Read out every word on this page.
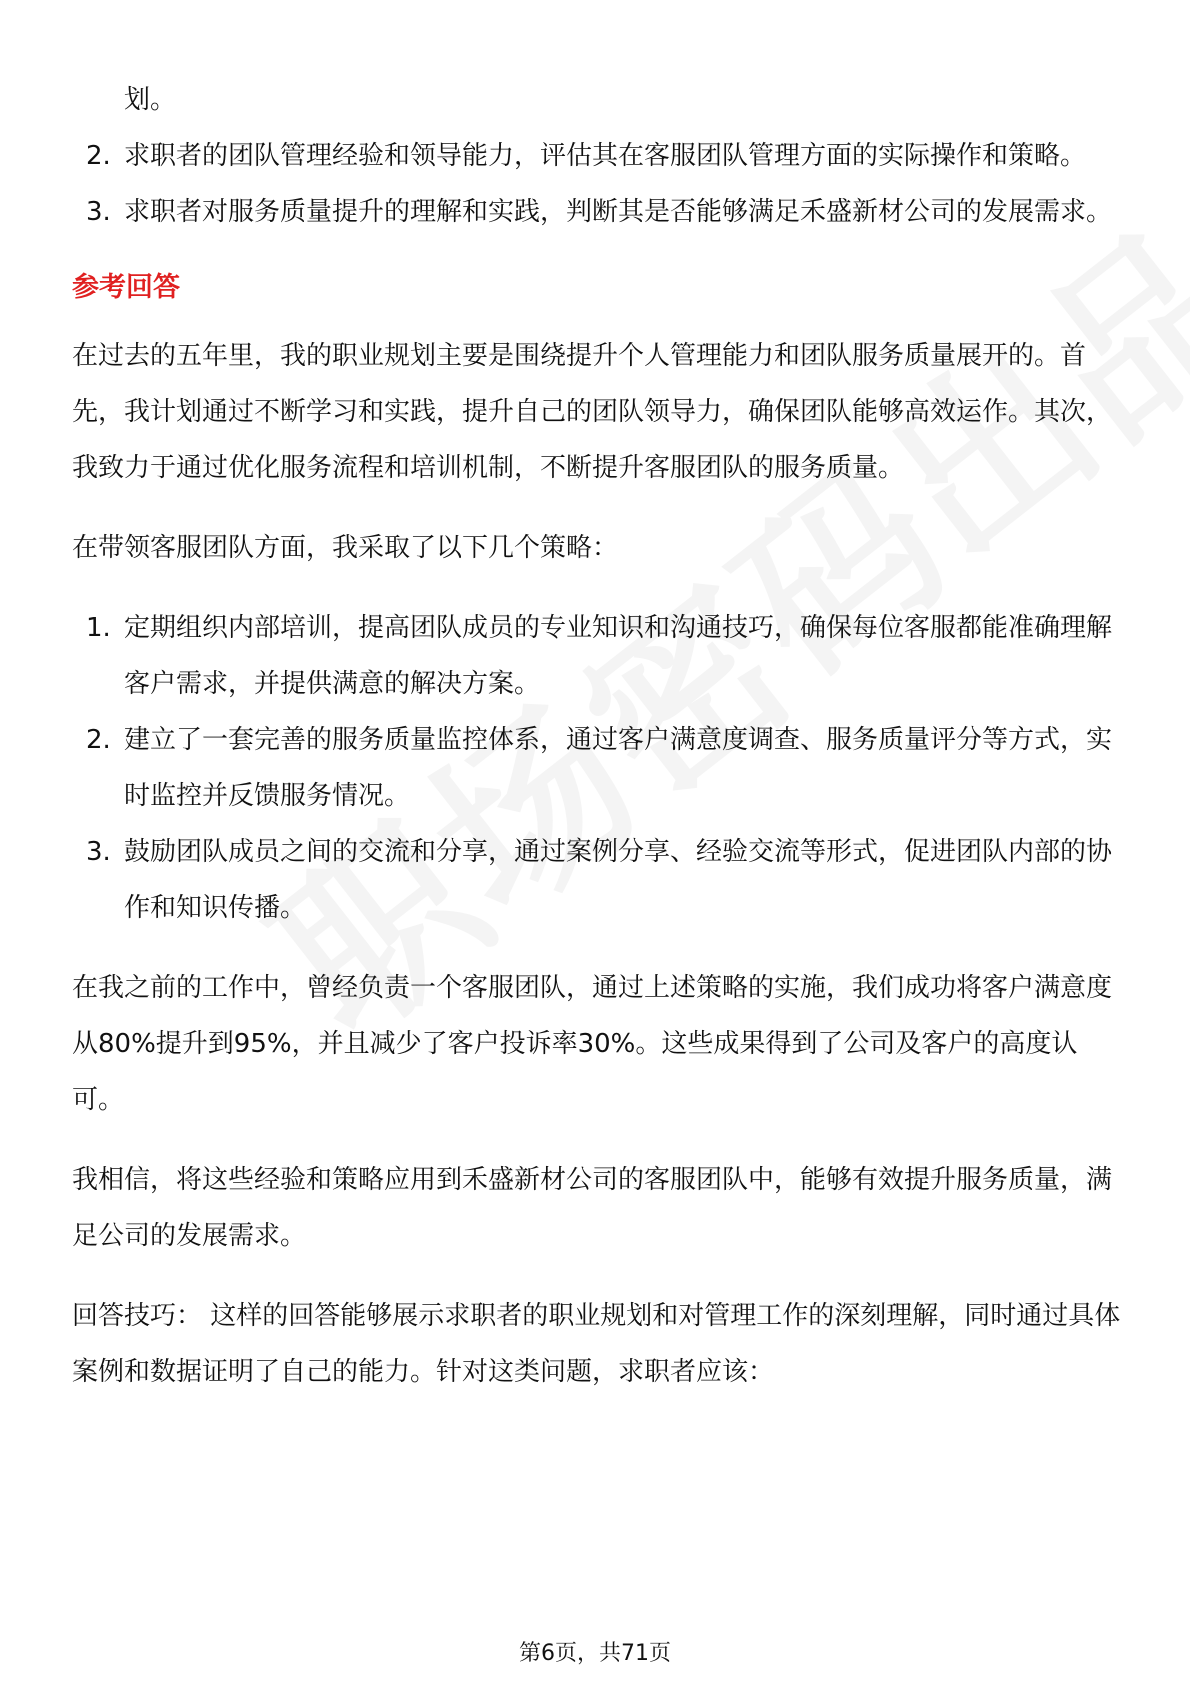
划。

2. 求职者的团队管理经验和领导能力，评估其在客服团队管理方面的实际操作和策略。
3. 求职者对服务质量提升的理解和实践，判断其是否能够满足禾盛新材公司的发展需求。
参考回答

在过去的五年里，我的职业规划主要是围绕提升个人管理能力和团队服务质量展开的。首先，我计划通过不断学习和实践，提升自己的团队领导力，确保团队能够高效运作。其次，我致力于通过优化服务流程和培训机制，不断提升客服团队的服务质量。

在带领客服团队方面，我采取了以下几个策略：

1. 定期组织内部培训，提高团队成员的专业知识和沟通技巧，确保每位客服都能准确理解客户需求，并提供满意的解决方案。
2. 建立了一套完善的服务质量监控体系，通过客户满意度调查、服务质量评分等方式，实时监控并反馈服务情况。
3. 鼓励团队成员之间的交流和分享，通过案例分享、经验交流等形式，促进团队内部的协作和知识传播。

在我之前的工作中，曾经负责一个客服团队，通过上述策略的实施，我们成功将客户满意度从80%提升到95%，并且减少了客户投诉率30%。这些成果得到了公司及客户的高度认可。

我相信，将这些经验和策略应用到禾盛新材公司的客服团队中，能够有效提升服务质量，满足公司的发展需求。

回答技巧： 这样的回答能够展示求职者的职业规划和对管理工作的深刻理解，同时通过具体案例和数据证明了自己的能力。针对这类问题，求职者应该：

第6页，共71页
